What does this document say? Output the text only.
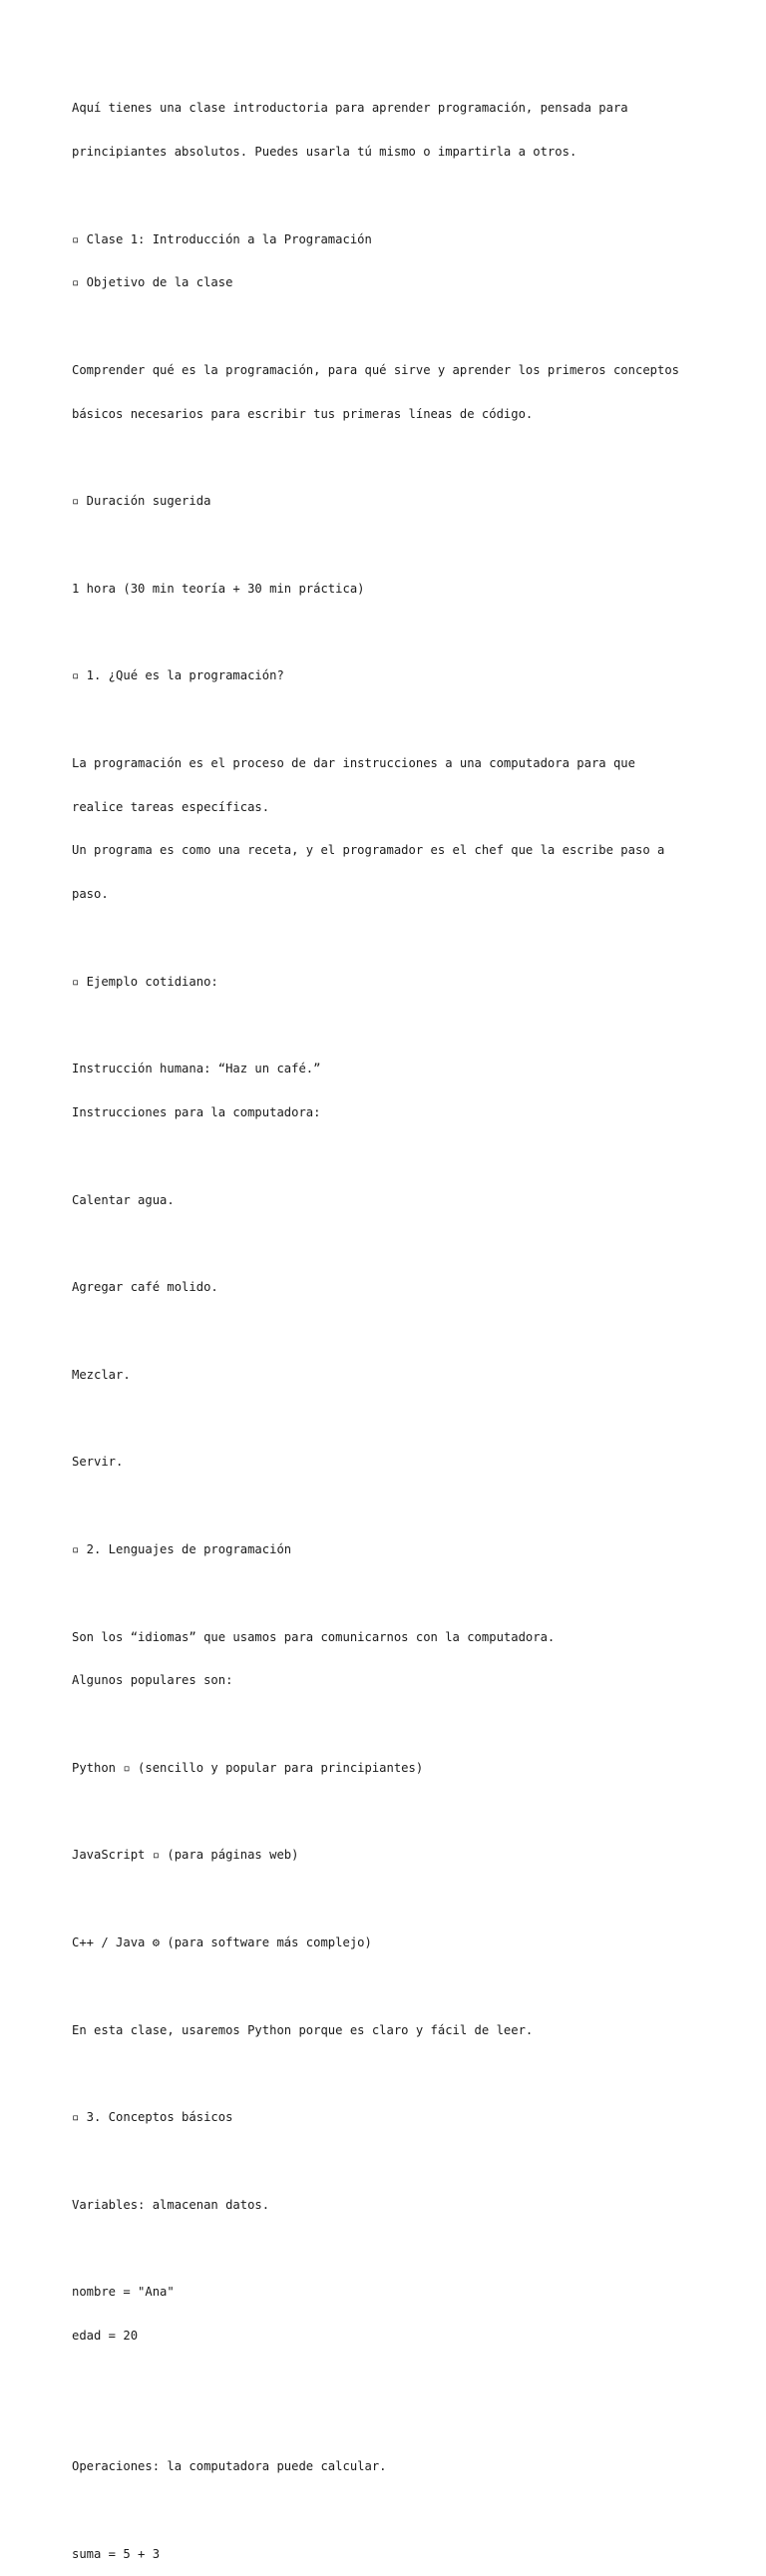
Aquí tienes una clase introductoria para aprender programación, pensada para

principiantes absolutos. Puedes usarla tú mismo o impartirla a otros.

▫ Clase 1: Introducción a la Programación

▫ Objetivo de la clase

Comprender qué es la programación, para qué sirve y aprender los primeros conceptos

básicos necesarios para escribir tus primeras líneas de código.

▫ Duración sugerida

1 hora (30 min teoría + 30 min práctica)

▫ 1. ¿Qué es la programación?

La programación es el proceso de dar instrucciones a una computadora para que

realice tareas específicas.

Un programa es como una receta, y el programador es el chef que la escribe paso a

paso.

▫ Ejemplo cotidiano:

Instrucción humana: “Haz un café.”

Instrucciones para la computadora:

Calentar agua.

Agregar café molido.

Mezclar.

Servir.

▫ 2. Lenguajes de programación

Son los “idiomas” que usamos para comunicarnos con la computadora.

Algunos populares son:

Python ▫ (sencillo y popular para principiantes)

JavaScript ▫ (para páginas web)

C++ / Java ⚙ (para software más complejo)

En esta clase, usaremos Python porque es claro y fácil de leer.

▫ 3. Conceptos básicos

Variables: almacenan datos.

nombre = "Ana"

edad = 20

Operaciones: la computadora puede calcular.

suma = 5 + 3
